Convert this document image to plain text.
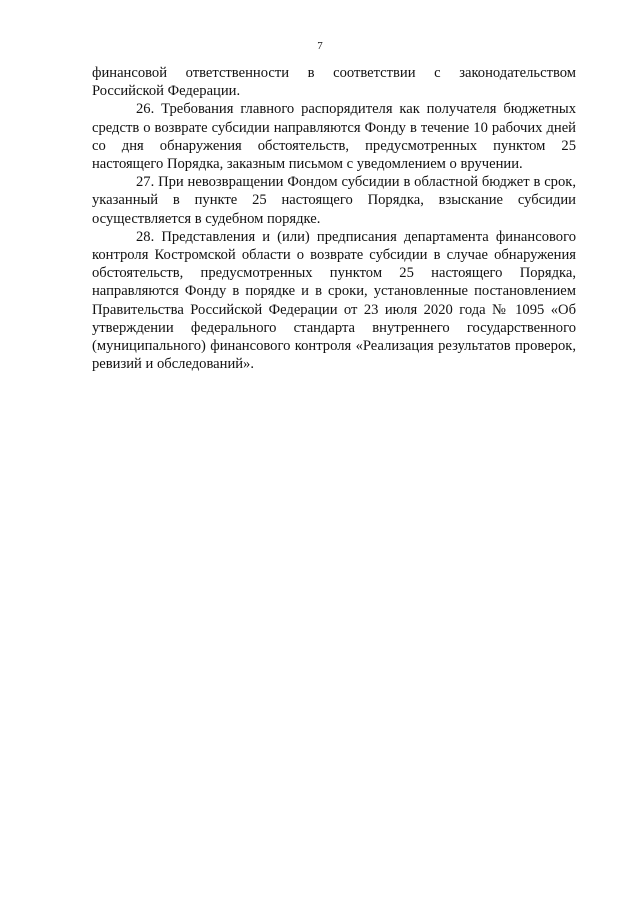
7

финансовой ответственности в соответствии с законодательством Российской Федерации.

26. Требования главного распорядителя как получателя бюджетных средств о возврате субсидии направляются Фонду в течение 10 рабочих дней со дня обнаружения обстоятельств, предусмотренных пунктом 25 настоящего Порядка, заказным письмом с уведомлением о вручении.

27. При невозвращении Фондом субсидии в областной бюджет в срок, указанный в пункте 25 настоящего Порядка, взыскание субсидии осуществляется в судебном порядке.

28. Представления и (или) предписания департамента финансового контроля Костромской области о возврате субсидии в случае обнаружения обстоятельств, предусмотренных пунктом 25 настоящего Порядка, направляются Фонду в порядке и в сроки, установленные постановлением Правительства Российской Федерации от 23 июля 2020 года № 1095 «Об утверждении федерального стандарта внутреннего государственного (муниципального) финансового контроля «Реализация результатов проверок, ревизий и обследований».
